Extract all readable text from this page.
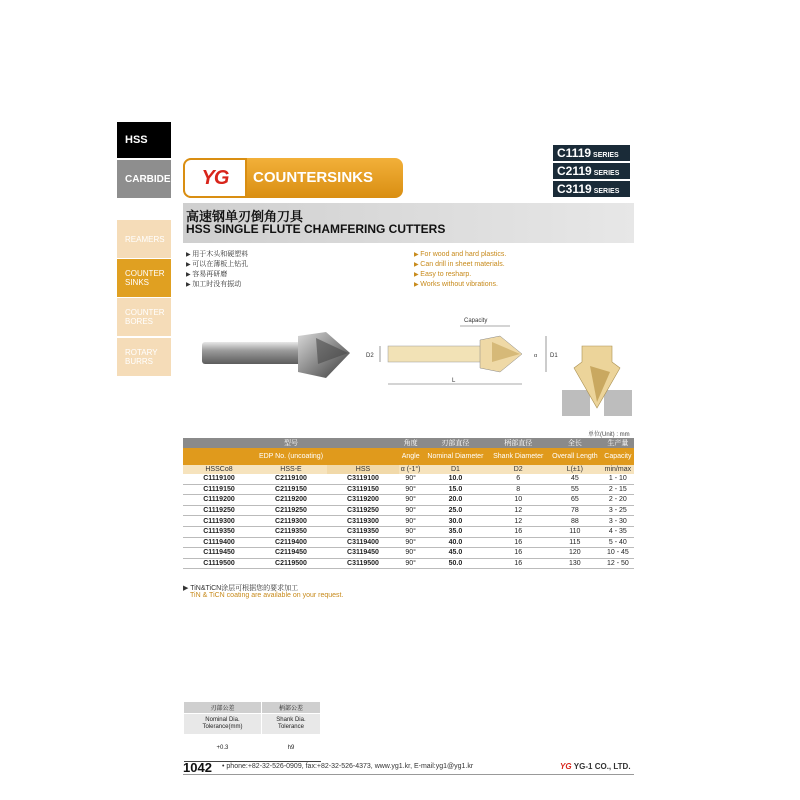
HSS
CARBIDE
REAMERS
COUNTER
SINKS
COUNTER
BORES
ROTARY
BURRS
YG	COUNTERSINKS
C1119 SERIES
C2119 SERIES
C3119 SERIES
高速钢单刃倒角刀具
HSS SINGLE FLUTE CHAMFERING CUTTERS
▶ 用于木头和硬塑料
▶ 可以在薄板上钻孔
▶ 容易再研磨
▶ 加工时没有振动
▶ For wood and hard plastics.
▶ Can drill in sheet materials.
▶ Easy to resharp.
▶ Works without vibrations.
Capacity
D2	α D1
L
单位(Unit) : mm
型号			角度	刃部直径	柄部直径	全长	生产量
EDP No. (uncoating)			Angle	Nominal Diameter	Shank Diameter	Overall Length	Capacity
HSSCo8	HSS-E	HSS	α (-1°)	D1	D2	L(±1)	min/max
C1119100	C2119100	C3119100	90°	10.0	6	45	1 - 10
C1119150	C2119150	C3119150	90°	15.0	8	55	2 - 15
C1119200	C2119200	C3119200	90°	20.0	10	65	2 - 20
C1119250	C2119250	C3119250	90°	25.0	12	78	3 - 25
C1119300	C2119300	C3119300	90°	30.0	12	88	3 - 30
C1119350	C2119350	C3119350	90°	35.0	16	110	4 - 35
C1119400	C2119400	C3119400	90°	40.0	16	115	5 - 40
C1119450	C2119450	C3119450	90°	45.0	16	120	10 - 45
C1119500	C2119500	C3119500	90°	50.0	16	130	12 - 50
▶ TiN&TiCN涂层可根据您的要求加工
TiN & TiCN coating are available on your request.
刃部公差	柄部公差
Nominal Dia. Tolerance(mm)	Shank Dia. Tolerance
+0.3	h9
1042 • phone:+82-32-526-0909, fax:+82-32-526-4373, www.yg1.kr, E-mail:yg1@yg1.kr	YG YG-1 CO., LTD.
